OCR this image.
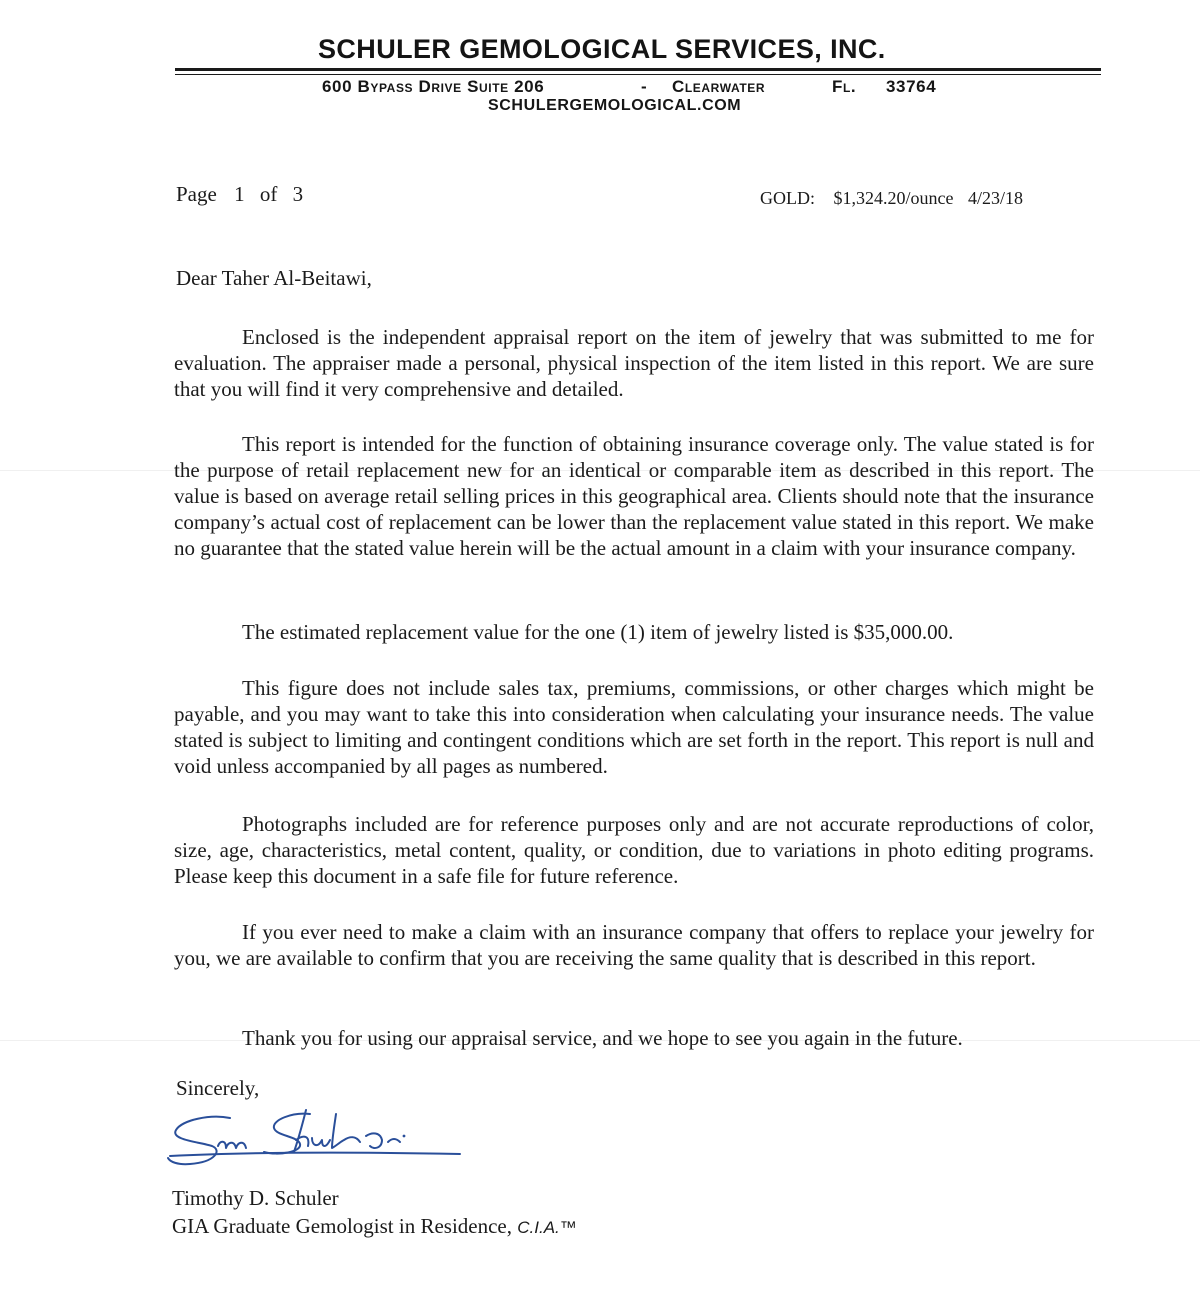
SCHULER GEMOLOGICAL SERVICES, INC.
600 Bypass Drive Suite 206	- Clearwater	Fl. 33764
SCHULERGEMOLOGICAL.COM
Page 1 of 3	GOLD: $1,324.20/ounce 4/23/18
Dear Taher Al-Beitawi,

Enclosed is the independent appraisal report on the item of jewelry that was submitted to me for evaluation. The appraiser made a personal, physical inspection of the item listed in this report. We are sure that you will find it very comprehensive and detailed.

This report is intended for the function of obtaining insurance coverage only. The value stated is for the purpose of retail replacement new for an identical or comparable item as described in this report. The value is based on average retail selling prices in this geographical area. Clients should note that the insurance company’s actual cost of replacement can be lower than the replacement value stated in this report. We make no guarantee that the stated value herein will be the actual amount in a claim with your insurance company.

The estimated replacement value for the one (1) item of jewelry listed is $35,000.00.

This figure does not include sales tax, premiums, commissions, or other charges which might be payable, and you may want to take this into consideration when calculating your insurance needs. The value stated is subject to limiting and contingent conditions which are set forth in the report. This report is null and void unless accompanied by all pages as numbered.

Photographs included are for reference purposes only and are not accurate reproductions of color, size, age, characteristics, metal content, quality, or condition, due to variations in photo editing programs. Please keep this document in a safe file for future reference.

If you ever need to make a claim with an insurance company that offers to replace your jewelry for you, we are available to confirm that you are receiving the same quality that is described in this report.

Thank you for using our appraisal service, and we hope to see you again in the future.

Sincerely,
Timothy D. Schuler
GIA Graduate Gemologist in Residence, C.I.A.™
